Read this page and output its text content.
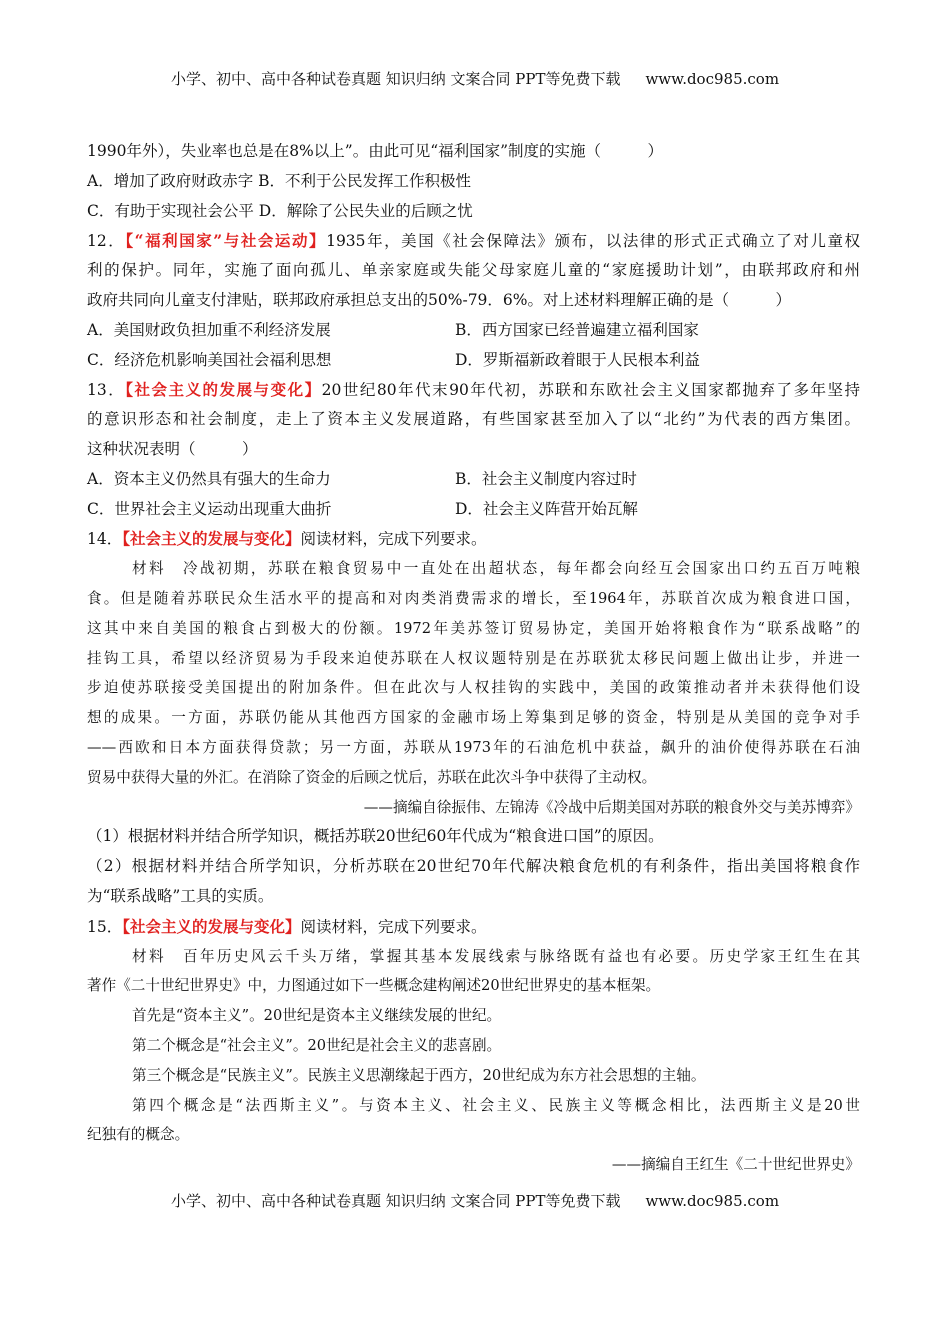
小学、初中、高中各种试卷真题 知识归纳 文案合同 PPT等免费下载 www.doc985.com
1990年外），失业率也总是在8%以上”。由此可见“福利国家”制度的实施（　　　）
A．增加了政府财政赤字 B．不利于公民发挥工作积极性
C．有助于实现社会公平 D．解除了公民失业的后顾之忧
12．【“福利国家”与社会运动】1935年，美国《社会保障法》颁布，以法律的形式正式确立了对儿童权
利的保护。同年，实施了面向孤儿、单亲家庭或失能父母家庭儿童的“家庭援助计划”，由联邦政府和州
政府共同向儿童支付津贴，联邦政府承担总支出的50%-79．6%。对上述材料理解正确的是（　　　）
A．美国财政负担加重不利经济发展	B．西方国家已经普遍建立福利国家
C．经济危机影响美国社会福利思想	D．罗斯福新政着眼于人民根本利益
13．【社会主义的发展与变化】20世纪80年代末90年代初，苏联和东欧社会主义国家都抛弃了多年坚持
的意识形态和社会制度，走上了资本主义发展道路，有些国家甚至加入了以“北约”为代表的西方集团。
这种状况表明（　　　）
A．资本主义仍然具有强大的生命力	B．社会主义制度内容过时
C．世界社会主义运动出现重大曲折	D．社会主义阵营开始瓦解
14．【社会主义的发展与变化】阅读材料，完成下列要求。
材料　冷战初期，苏联在粮食贸易中一直处在出超状态，每年都会向经互会国家出口约五百万吨粮
食。但是随着苏联民众生活水平的提高和对肉类消费需求的增长，至1964年，苏联首次成为粮食进口国，
这其中来自美国的粮食占到极大的份额。1972年美苏签订贸易协定，美国开始将粮食作为“联系战略”的
挂钩工具，希望以经济贸易为手段来迫使苏联在人权议题特别是在苏联犹太移民问题上做出让步，并进一
步迫使苏联接受美国提出的附加条件。但在此次与人权挂钩的实践中，美国的政策推动者并未获得他们设
想的成果。一方面，苏联仍能从其他西方国家的金融市场上筹集到足够的资金，特别是从美国的竞争对手
——西欧和日本方面获得贷款；另一方面，苏联从1973年的石油危机中获益，飙升的油价使得苏联在石油
贸易中获得大量的外汇。在消除了资金的后顾之忧后，苏联在此次斗争中获得了主动权。
——摘编自徐振伟、左锦涛《冷战中后期美国对苏联的粮食外交与美苏博弈》
（1）根据材料并结合所学知识，概括苏联20世纪60年代成为“粮食进口国”的原因。
（2）根据材料并结合所学知识，分析苏联在20世纪70年代解决粮食危机的有利条件，指出美国将粮食作
为“联系战略”工具的实质。
15．【社会主义的发展与变化】阅读材料，完成下列要求。
材料　百年历史风云千头万绪，掌握其基本发展线索与脉络既有益也有必要。历史学家王红生在其
著作《二十世纪世界史》中，力图通过如下一些概念建构阐述20世纪世界史的基本框架。
首先是“资本主义”。20世纪是资本主义继续发展的世纪。
第二个概念是“社会主义”。20世纪是社会主义的悲喜剧。
第三个概念是“民族主义”。民族主义思潮缘起于西方，20世纪成为东方社会思想的主轴。
第四个概念是“法西斯主义”。与资本主义、社会主义、民族主义等概念相比，法西斯主义是20世
纪独有的概念。
——摘编自王红生《二十世纪世界史》
小学、初中、高中各种试卷真题 知识归纳 文案合同 PPT等免费下载 www.doc985.com
